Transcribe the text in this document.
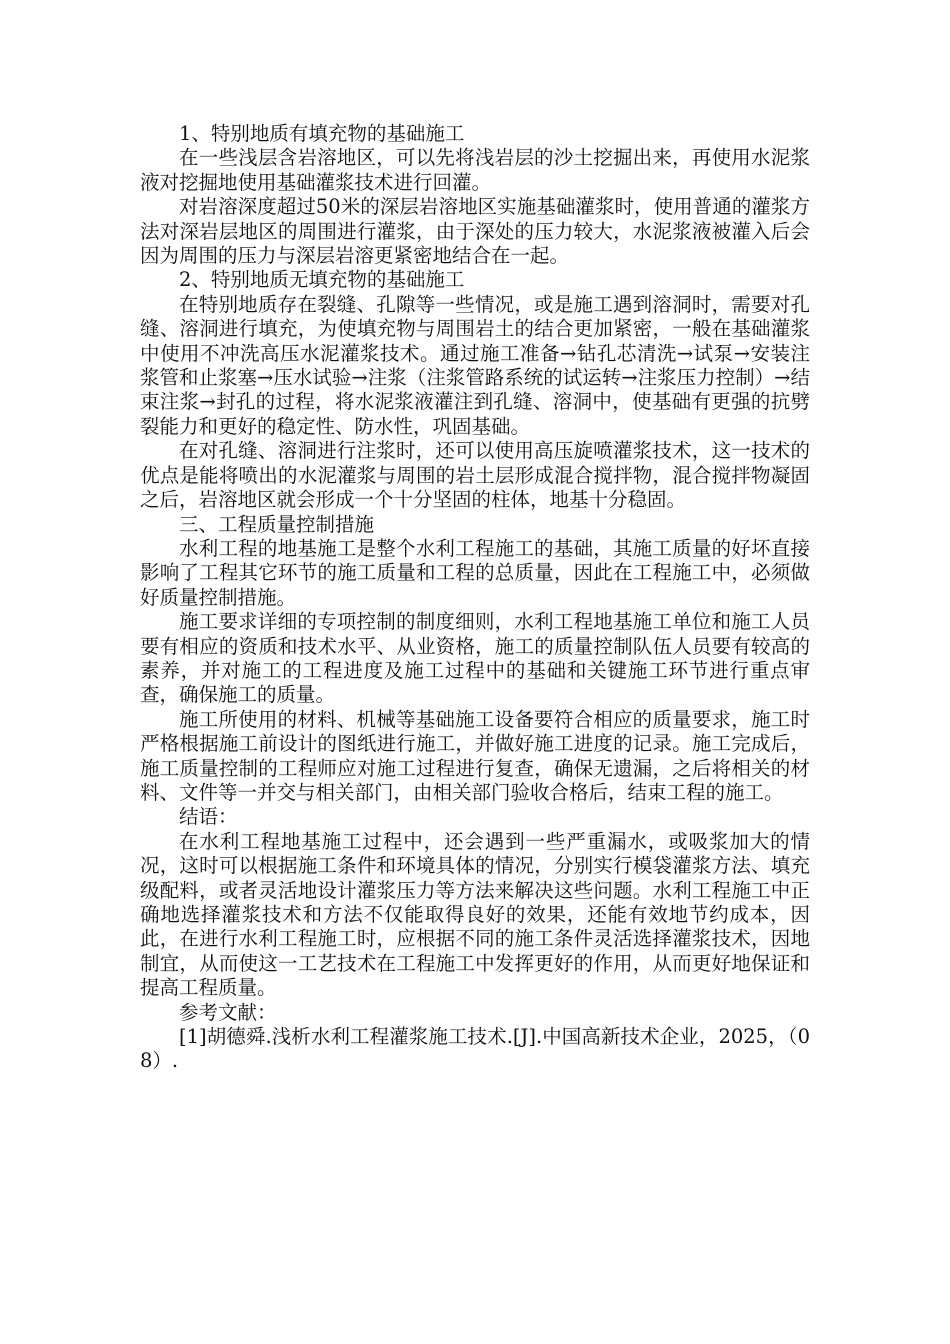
1、特别地质有填充物的基础施工

在一些浅层含岩溶地区，可以先将浅岩层的沙土挖掘出来，再使用水泥浆液对挖掘地使用基础灌浆技术进行回灌。

对岩溶深度超过50米的深层岩溶地区实施基础灌浆时，使用普通的灌浆方法对深岩层地区的周围进行灌浆，由于深处的压力较大，水泥浆液被灌入后会因为周围的压力与深层岩溶更紧密地结合在一起。

2、特别地质无填充物的基础施工

在特别地质存在裂缝、孔隙等一些情况，或是施工遇到溶洞时，需要对孔缝、溶洞进行填充，为使填充物与周围岩土的结合更加紧密，一般在基础灌浆中使用不冲洗高压水泥灌浆技术。通过施工准备→钻孔芯清洗→试泵→安装注浆管和止浆塞→压水试验→注浆（注浆管路系统的试运转→注浆压力控制）→结束注浆→封孔的过程，将水泥浆液灌注到孔缝、溶洞中，使基础有更强的抗劈裂能力和更好的稳定性、防水性，巩固基础。

在对孔缝、溶洞进行注浆时，还可以使用高压旋喷灌浆技术，这一技术的优点是能将喷出的水泥灌浆与周围的岩土层形成混合搅拌物，混合搅拌物凝固之后，岩溶地区就会形成一个十分坚固的柱体，地基十分稳固。

三、工程质量控制措施

水利工程的地基施工是整个水利工程施工的基础，其施工质量的好坏直接影响了工程其它环节的施工质量和工程的总质量，因此在工程施工中，必须做好质量控制措施。

施工要求详细的专项控制的制度细则，水利工程地基施工单位和施工人员要有相应的资质和技术水平、从业资格，施工的质量控制队伍人员要有较高的素养，并对施工的工程进度及施工过程中的基础和关键施工环节进行重点审查，确保施工的质量。

施工所使用的材料、机械等基础施工设备要符合相应的质量要求，施工时严格根据施工前设计的图纸进行施工，并做好施工进度的记录。施工完成后，施工质量控制的工程师应对施工过程进行复查，确保无遗漏，之后将相关的材料、文件等一并交与相关部门，由相关部门验收合格后，结束工程的施工。

结语：

在水利工程地基施工过程中，还会遇到一些严重漏水，或吸浆加大的情况，这时可以根据施工条件和环境具体的情况，分别实行模袋灌浆方法、填充级配料，或者灵活地设计灌浆压力等方法来解决这些问题。水利工程施工中正确地选择灌浆技术和方法不仅能取得良好的效果，还能有效地节约成本，因此，在进行水利工程施工时，应根据不同的施工条件灵活选择灌浆技术，因地制宜，从而使这一工艺技术在工程施工中发挥更好的作用，从而更好地保证和提高工程质量。

参考文献：

[1]胡德舜.浅析水利工程灌浆施工技术.[J].中国高新技术企业，2025，（08）.
